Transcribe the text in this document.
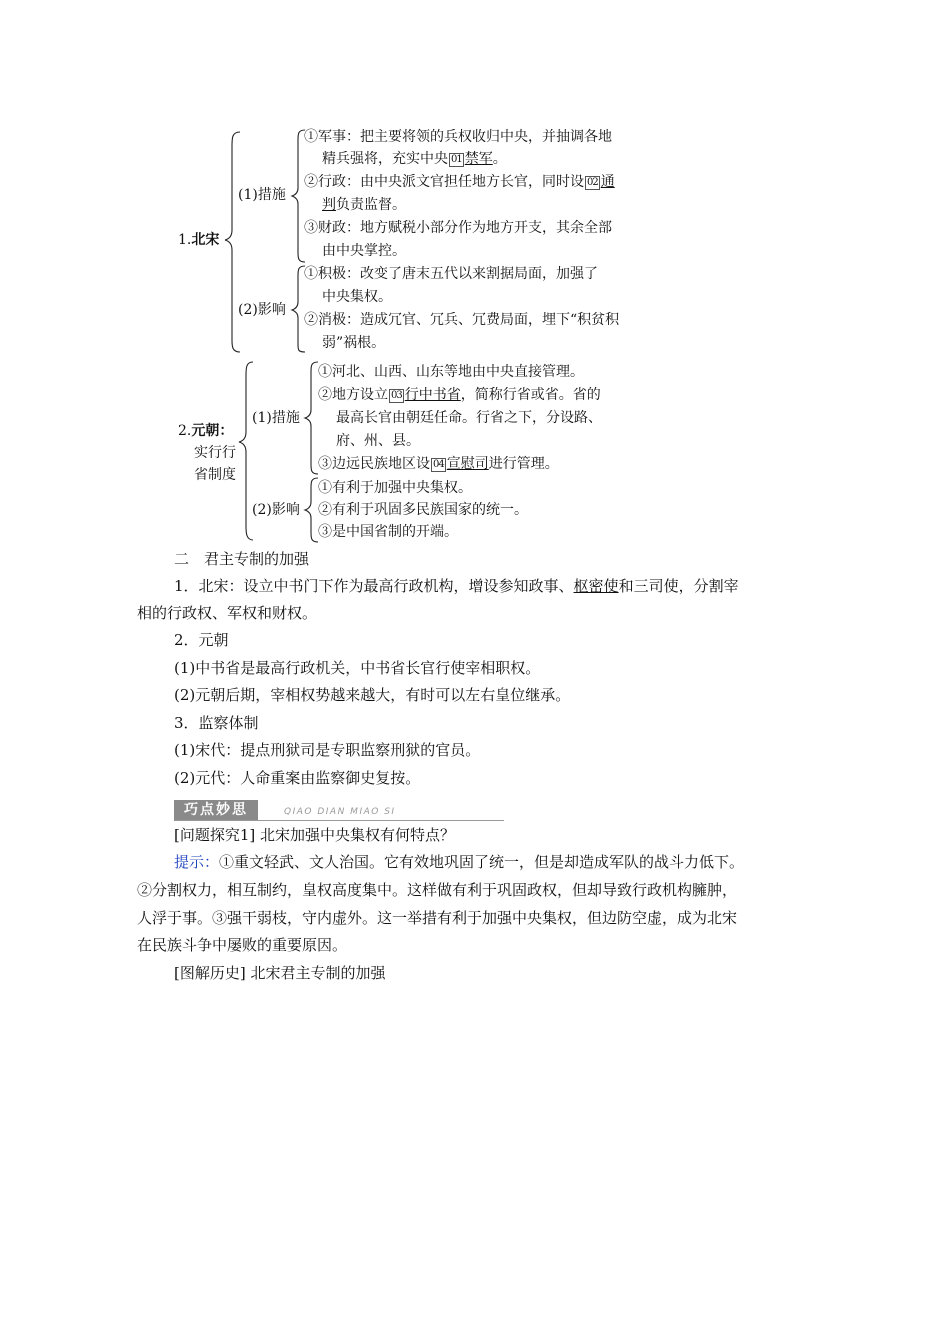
1.北宋
(1)措施
(2)影响
①军事：把主要将领的兵权收归中央，并抽调各地
精兵强将，充实中央 01 禁军。
②行政：由中央派文官担任地方长官，同时设 02 通
判负责监督。
③财政：地方赋税小部分作为地方开支，其余全部
由中央掌控。
①积极：改变了唐末五代以来割据局面，加强了
中央集权。
②消极：造成冗官、冗兵、冗费局面，埋下“积贫积
弱”祸根。
2.元朝：
实行行
省制度
(1)措施
(2)影响
①河北、山西、山东等地由中央直接管理。
②地方设立 03 行中书省，简称行省或省。省的
最高长官由朝廷任命。行省之下，分设路、
府、州、县。
③边远民族地区设 04 宣慰司进行管理。
①有利于加强中央集权。
②有利于巩固多民族国家的统一。
③是中国省制的开端。
二　君主专制的加强
1．北宋：设立中书门下作为最高行政机构，增设参知政事、枢密使和三司使，分割宰
相的行政权、军权和财权。
2．元朝
(1)中书省是最高行政机关，中书省长官行使宰相职权。
(2)元朝后期，宰相权势越来越大，有时可以左右皇位继承。
3．监察体制
(1)宋代：提点刑狱司是专职监察刑狱的官员。
(2)元代：人命重案由监察御史复按。
巧点妙思	QIAO DIAN MIAO SI
[问题探究1] 北宋加强中央集权有何特点？
提示：①重文轻武、文人治国。它有效地巩固了统一，但是却造成军队的战斗力低下。
②分割权力，相互制约，皇权高度集中。这样做有利于巩固政权，但却导致行政机构臃肿，
人浮于事。③强干弱枝，守内虚外。这一举措有利于加强中央集权，但边防空虚，成为北宋
在民族斗争中屡败的重要原因。
[图解历史] 北宋君主专制的加强
